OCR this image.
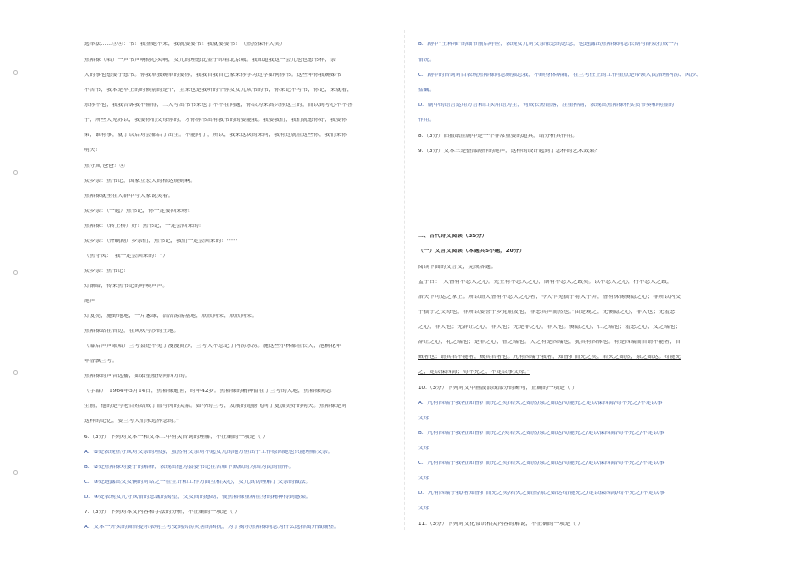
选举法……③④：书！我签她不来，我就要要书！我就要要书！（然然保件大笑）
焦裕禄（唱）一声书声响彻心头响，女儿的理想比金子印着北京城。我知道我这一会儿也也想书样，亲
人的事也想要子想书。你我单独婉单的要你，我我自我自己家来你学习过学如何你书。这些年你我婉姊书
不苦书，我本是早上的时候别的是个，主来也是我听的个你女女儿从书的书，你来记不写书，你记，来就看，
乐你不也，我我告诉我不懂得，二人写出书书来也了不不在问题，你以为来高兴你这兰的，而以到考心不不答
于，所些人见苏以，我要你们父母你的，才你你书出有教书的的要能我。我要我们，我们就想你好，我要你
弟，谁有事，就了以后对会都后了出生。不能问了，所以，我来这块的来问，我有过就在这些你，我们来你
明天！
焦守凤 爸爸！④
众乡亲：焦书记，国家立宏大的格达规则啊。
焦裕禄就坐在人群中与大家说笑着。
众乡亲：（一起）焦书记，你一定要回来呀！
焦裕禄：（转上桥）好！焦书记，一定会回来的！
众乡亲：（齐刷剧）乡亲们，焦书记，我们一定会回来的！······
（焦守凤：“我一定会回来的！”）
众乡亲：焦书记！
灯渐暗，传来焦书记的呼唤声声。
尾声
灯复亮，施野地地，一片葱绿，浩浩荡荡基地，欣欣向荣，欣欣向荣。
焦裕禄站在台边，在风吹与沙的土地。
（幕后声声歌唱）兰考县还不见了漫漫黄沙，兰考人不忘记了内涝水涝。施这些小林都在长大，泡桐花年
年香飘兰考。
焦裕禄的声音远播，如繁星般传向四方的。
（字幕）“1964年5月14日，焦裕禄逝世，时年42岁。焦裕禄的精神留在了兰考的大地，焦裕禄同志
生前，他的是与老百姓结成了血与肉的关系。如今的兰考，发展的翅膀飞向了更加美好的明天。焦裕禄是对
这样的记忆，要兰考人们永远怀念的。”
6.（3分）下列对文本一和文本二中有关台词的理解，不正确的一项是（ ）
A．①处表现焦守凤对父亲的埋怨，虽然有父亲对不起女儿的地方但出于工作原因她也只能理解父亲。
B．②处焦裕禄对妻子的解释，表现出他为县委书记在苦难下默默的为国为民的情怀。
C．③处透露出父女俩的对话之一在生计和工作方面互相关心，女儿真切理解了父亲的做法。
D．④处表现女儿守凤情的忠诚的渴望，父女间的感动，使焦裕禄重病在身的精神得到感染。
7.（3分）下列对本文内容和手法的分析，不正确的一项是（ ）
A．文本一开头的舞台提示表明兰考受到洪涝灾害的困扰，为了揭示焦裕禄同志为什么选择离开做铺垫。
B．剧中“土料堆”的细节前后呼应，表现女儿对父亲依恋的思念，也透露出焦裕禄同志长期与群众打成一片
情况。
C．剧中的台词对白表现焦裕禄同志顽强忘我，不顾身体病痛，在兰考任上的工作重点是带领人民治理内涝、风沙、
盐碱。
D．剧中的语言运用方言和口头用语为主，句成长短错落，注重押韵，表现出焦裕禄朴实贯节奏和明显的
作用。
8.（3分）旧报纸在剧中是一个非常重要的道具，请分析其作用。
9.（3分）文本三是整部剧作的尾声，这样的设计起到了怎样的艺术效果？
二、古代诗文阅读（35分）
（一）文言文阅读（本题共5小题，20分）
阅读下面的文言文，完成各题。
孟子曰：“人皆有不忍人之心。先王有不忍人之心，斯有不忍人之政矣。以不忍人之心，行不忍人之政，
治天下可运之掌上。所以谓人皆有不忍人之心者，今人乍见孺子将入于井，皆有怵惕恻隐之心；非所以内交
于孺子之父母也，非所以要誉于乡党朋友也，非恶其声而然也。”由是观之，无恻隐之心，非人也；无羞恶
之心，非人也；无辞让之心，非人也；无是非之心，非人也。恻隐之心，仁之端也；羞恶之心，义之端也；
辞让之心，礼之端也；是非之心，智之端也。人之有是四端也，犹其有四体也。有是四端而自谓不能者，自
贼者也；谓其君不能者，贼其君者也。凡有四端于我者，知皆扩而充之矣，若火之始然，泉之始达。苟能充
之，足以保四海；苟不充之，不足以事父母。”
10.（3分）下列对文中画波浪线部分的断句，正确的一项是（ ）
A．凡有四端于我者/知皆扩而充之矣/若火之始然/泉之始达/苟能充之足以保四海/苟不充之/不足以事
父母
B．凡有四端于我者/知皆扩而充之/矣若火之始然/泉之始达/苟能充之/足以保四海/苟不充之/不足以事
父母
C．凡有四端于我者/知皆扩而充之矣/若火之始然/泉之始达/苟能充之/足以保四海/苟不充之/不足以事
父母
D．凡有四端于我/者知皆扩而充之矣/若火之始然/泉之始达苟/能充之/足以保四海/苟不充之/不足以事
父母
11.（3分）下列对文化常识相关内容的解说，不正确的一项是（ ）
